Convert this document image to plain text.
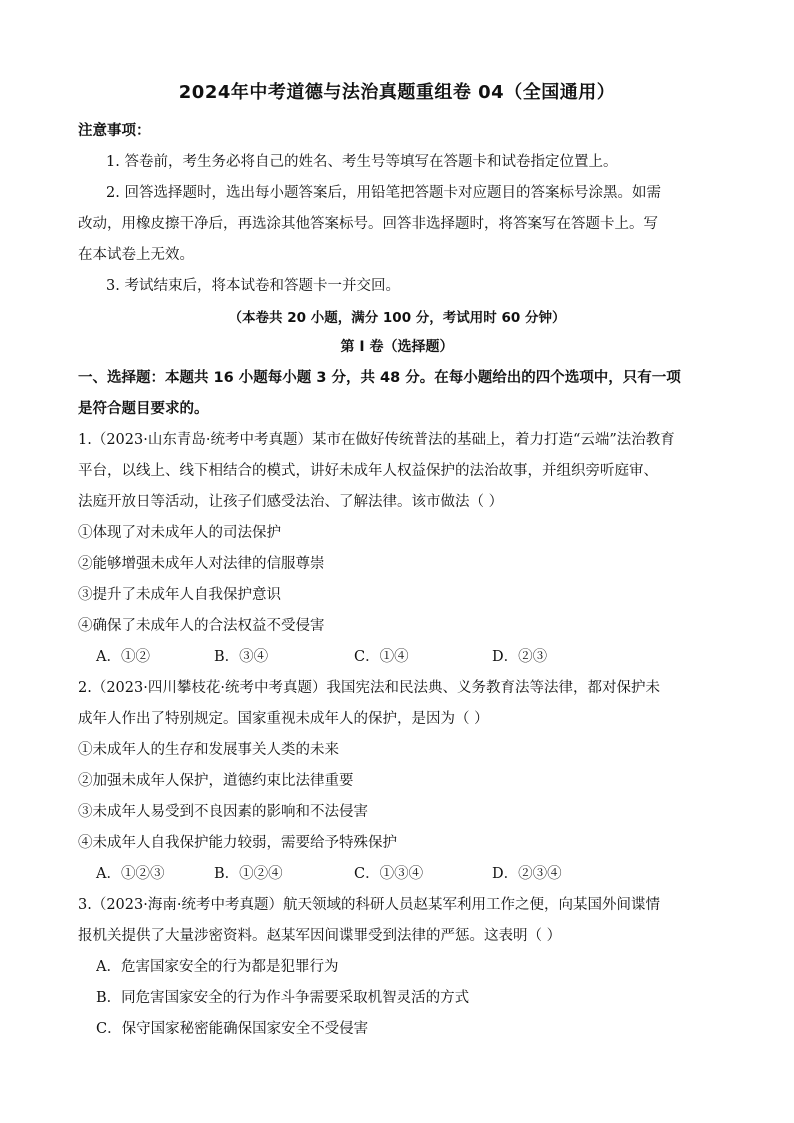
2024年中考道德与法治真题重组卷 04（全国通用）
注意事项：
1. 答卷前，考生务必将自己的姓名、考生号等填写在答题卡和试卷指定位置上。
2. 回答选择题时，选出每小题答案后，用铅笔把答题卡对应题目的答案标号涂黑。如需
改动，用橡皮擦干净后，再选涂其他答案标号。回答非选择题时，将答案写在答题卡上。写
在本试卷上无效。
3. 考试结束后，将本试卷和答题卡一并交回。
（本卷共 20 小题，满分 100 分，考试用时 60 分钟）
第 I 卷（选择题）
一、选择题：本题共 16 小题每小题 3 分，共 48 分。在每小题给出的四个选项中，只有一项
是符合题目要求的。
1.（2023·山东青岛·统考中考真题）某市在做好传统普法的基础上，着力打造“云端”法治教育
平台，以线上、线下相结合的模式，讲好未成年人权益保护的法治故事，并组织旁听庭审、
法庭开放日等活动，让孩子们感受法治、了解法律。该市做法（ ）
①体现了对未成年人的司法保护
②能够增强未成年人对法律的信服尊崇
③提升了未成年人自我保护意识
④确保了未成年人的合法权益不受侵害
A．①②	B．③④	C．①④	D．②③
2.（2023·四川攀枝花·统考中考真题）我国宪法和民法典、义务教育法等法律，都对保护未
成年人作出了特别规定。国家重视未成年人的保护，是因为（ ）
①未成年人的生存和发展事关人类的未来
②加强未成年人保护，道德约束比法律重要
③未成年人易受到不良因素的影响和不法侵害
④未成年人自我保护能力较弱，需要给予特殊保护
A．①②③	B．①②④	C．①③④	D．②③④
3.（2023·海南·统考中考真题）航天领域的科研人员赵某军利用工作之便，向某国外间谍情
报机关提供了大量涉密资料。赵某军因间谍罪受到法律的严惩。这表明（ ）
A．危害国家安全的行为都是犯罪行为
B．同危害国家安全的行为作斗争需要采取机智灵活的方式
C．保守国家秘密能确保国家安全不受侵害
